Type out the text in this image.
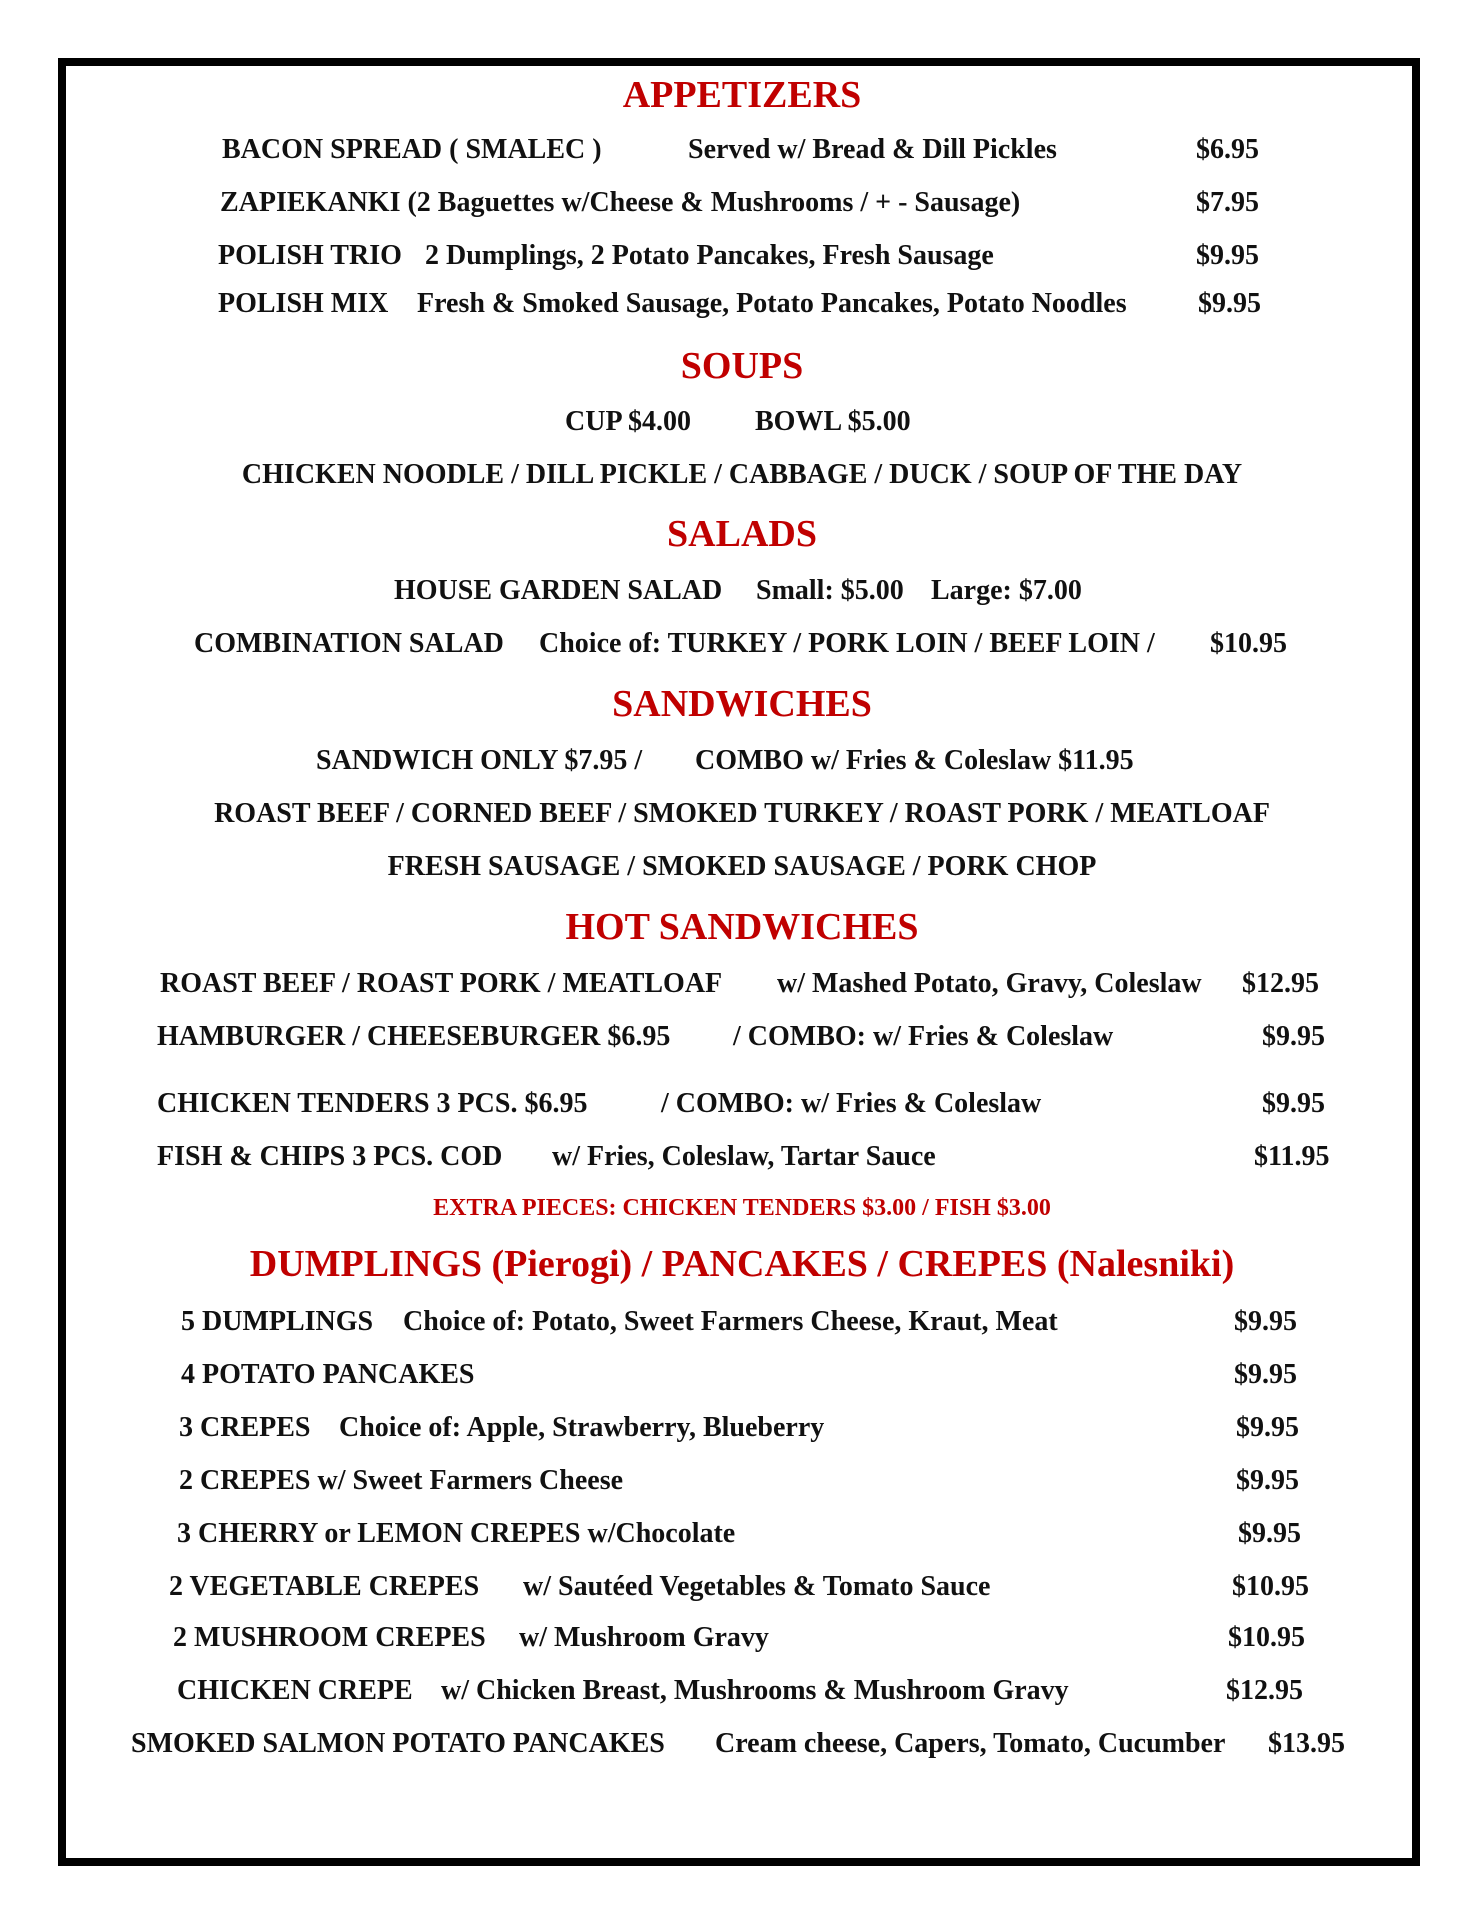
APPETIZERS
BACON SPREAD ( SMALEC )	Served w/ Bread & Dill Pickles	$6.95
ZAPIEKANKI (2 Baguettes w/Cheese & Mushrooms / + - Sausage)	$7.95
POLISH TRIO 2 Dumplings, 2 Potato Pancakes, Fresh Sausage	$9.95
POLISH MIX Fresh & Smoked Sausage, Potato Pancakes, Potato Noodles	$9.95
SOUPS
CUP $4.00 BOWL $5.00
CHICKEN NOODLE / DILL PICKLE / CABBAGE / DUCK / SOUP OF THE DAY
SALADS
HOUSE GARDEN SALAD Small: $5.00 Large: $7.00
COMBINATION SALAD Choice of: TURKEY / PORK LOIN / BEEF LOIN / $10.95
SANDWICHES
SANDWICH ONLY $7.95 / COMBO w/ Fries & Coleslaw $11.95
ROAST BEEF / CORNED BEEF / SMOKED TURKEY / ROAST PORK / MEATLOAF
FRESH SAUSAGE / SMOKED SAUSAGE / PORK CHOP
HOT SANDWICHES
ROAST BEEF / ROAST PORK / MEATLOAF w/ Mashed Potato, Gravy, Coleslaw $12.95
HAMBURGER / CHEESEBURGER $6.95 / COMBO: w/ Fries & Coleslaw	$9.95
CHICKEN TENDERS 3 PCS. $6.95	/ COMBO: w/ Fries & Coleslaw	$9.95
FISH & CHIPS 3 PCS. COD w/ Fries, Coleslaw, Tartar Sauce	$11.95
EXTRA PIECES: CHICKEN TENDERS $3.00 / FISH $3.00
DUMPLINGS (Pierogi) / PANCAKES / CREPES (Nalesniki)
5 DUMPLINGS Choice of: Potato, Sweet Farmers Cheese, Kraut, Meat	$9.95
4 POTATO PANCAKES	$9.95
3 CREPES Choice of: Apple, Strawberry, Blueberry	$9.95
2 CREPES w/ Sweet Farmers Cheese	$9.95
3 CHERRY or LEMON CREPES w/Chocolate	$9.95
2 VEGETABLE CREPES w/ Sautéed Vegetables & Tomato Sauce	$10.95
2 MUSHROOM CREPES w/ Mushroom Gravy	$10.95
CHICKEN CREPE w/ Chicken Breast, Mushrooms & Mushroom Gravy	$12.95
SMOKED SALMON POTATO PANCAKES Cream cheese, Capers, Tomato, Cucumber $13.95
